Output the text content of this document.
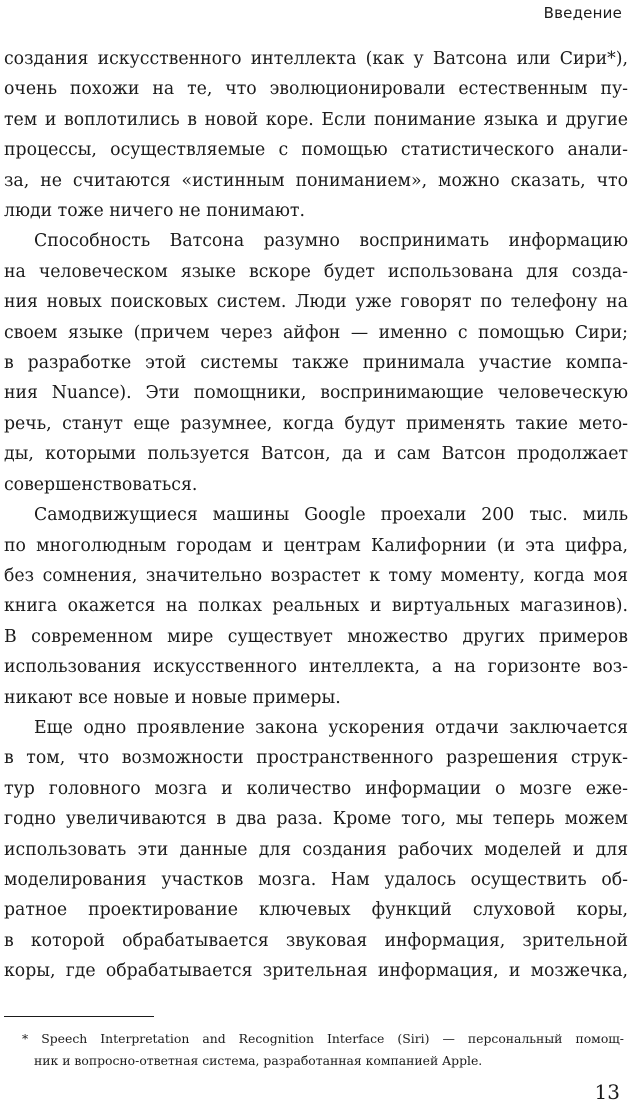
Введение
создания искусственного интеллекта (как у Ватсона или Сири*),
очень похожи на те, что эволюционировали естественным пу-
тем и воплотились в новой коре. Если понимание языка и другие
процессы, осуществляемые с помощью статистического анали-
за, не считаются «истинным пониманием», можно сказать, что
люди тоже ничего не понимают.
Способность Ватсона разумно воспринимать информацию
на человеческом языке вскоре будет использована для созда-
ния новых поисковых систем. Люди уже говорят по телефону на
своем языке (причем через айфон — именно с помощью Сири;
в разработке этой системы также принимала участие компа-
ния Nuance). Эти помощники, воспринимающие человеческую
речь, станут еще разумнее, когда будут применять такие мето-
ды, которыми пользуется Ватсон, да и сам Ватсон продолжает
совершенствоваться.
Самодвижущиеся машины Google проехали 200 тыс. миль
по многолюдным городам и центрам Калифорнии (и эта цифра,
без сомнения, значительно возрастет к тому моменту, когда моя
книга окажется на полках реальных и виртуальных магазинов).
В современном мире существует множество других примеров
использования искусственного интеллекта, а на горизонте воз-
никают все новые и новые примеры.
Еще одно проявление закона ускорения отдачи заключается
в том, что возможности пространственного разрешения струк-
тур головного мозга и количество информации о мозге еже-
годно увеличиваются в два раза. Кроме того, мы теперь можем
использовать эти данные для создания рабочих моделей и для
моделирования участков мозга. Нам удалось осуществить об-
ратное проектирование ключевых функций слуховой коры,
в которой обрабатывается звуковая информация, зрительной
коры, где обрабатывается зрительная информация, и мозжечка,
* Speech Interpretation and Recognition Interface (Siri) — персональный помощ-
ник и вопросно-ответная система, разработанная компанией Apple.
13
